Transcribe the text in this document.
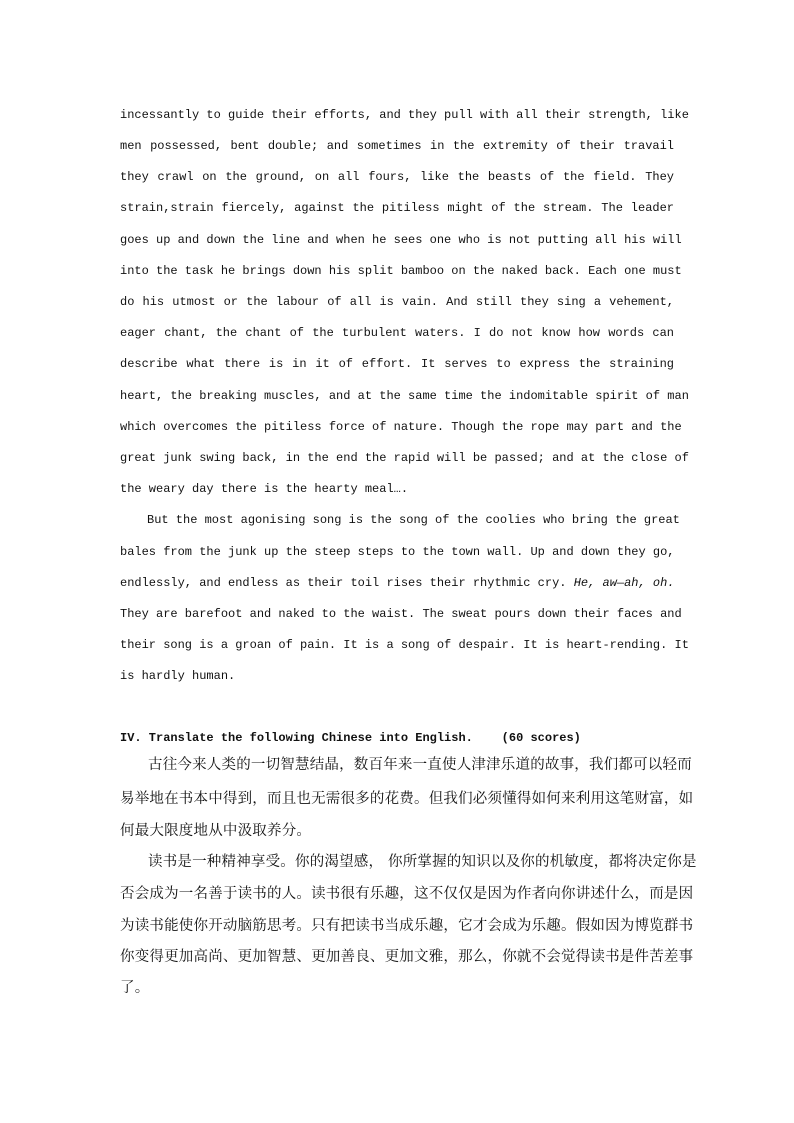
incessantly to guide their efforts, and they pull with all their strength, like
men possessed, bent double; and sometimes in the extremity of their travail
they crawl on the ground, on all fours, like the beasts of the field. They
strain,strain fiercely, against the pitiless might of the stream. The leader
goes up and down the line and when he sees one who is not putting all his will
into the task he brings down his split bamboo on the naked back. Each one must
do his utmost or the labour of all is vain. And still they sing a vehement,
eager chant, the chant of the turbulent waters. I do not know how words can
describe what there is in it of effort. It serves to express the straining
heart, the breaking muscles, and at the same time the indomitable spirit of man
which overcomes the pitiless force of nature. Though the rope may part and the
great junk swing back, in the end the rapid will be passed; and at the close of
the weary day there is the hearty meal….
But the most agonising song is the song of the coolies who bring the great
bales from the junk up the steep steps to the town wall. Up and down they go,
endlessly, and endless as their toil rises their rhythmic cry. He, aw—ah, oh.
They are barefoot and naked to the waist. The sweat pours down their faces and
their song is a groan of pain. It is a song of despair. It is heart-rending. It
is hardly human.
IV. Translate the following Chinese into English.    (60 scores)
古往今来人类的一切智慧结晶，数百年来一直使人津津乐道的故事，我们都可以轻而
易举地在书本中得到，而且也无需很多的花费。但我们必须懂得如何来利用这笔财富，如
何最大限度地从中汲取养分。
读书是一种精神享受。你的渴望感， 你所掌握的知识以及你的机敏度，都将决定你是
否会成为一名善于读书的人。读书很有乐趣，这不仅仅是因为作者向你讲述什么，而是因
为读书能使你开动脑筋思考。只有把读书当成乐趣，它才会成为乐趣。假如因为博览群书
你变得更加高尚、更加智慧、更加善良、更加文雅，那么，你就不会觉得读书是件苦差事
了。
